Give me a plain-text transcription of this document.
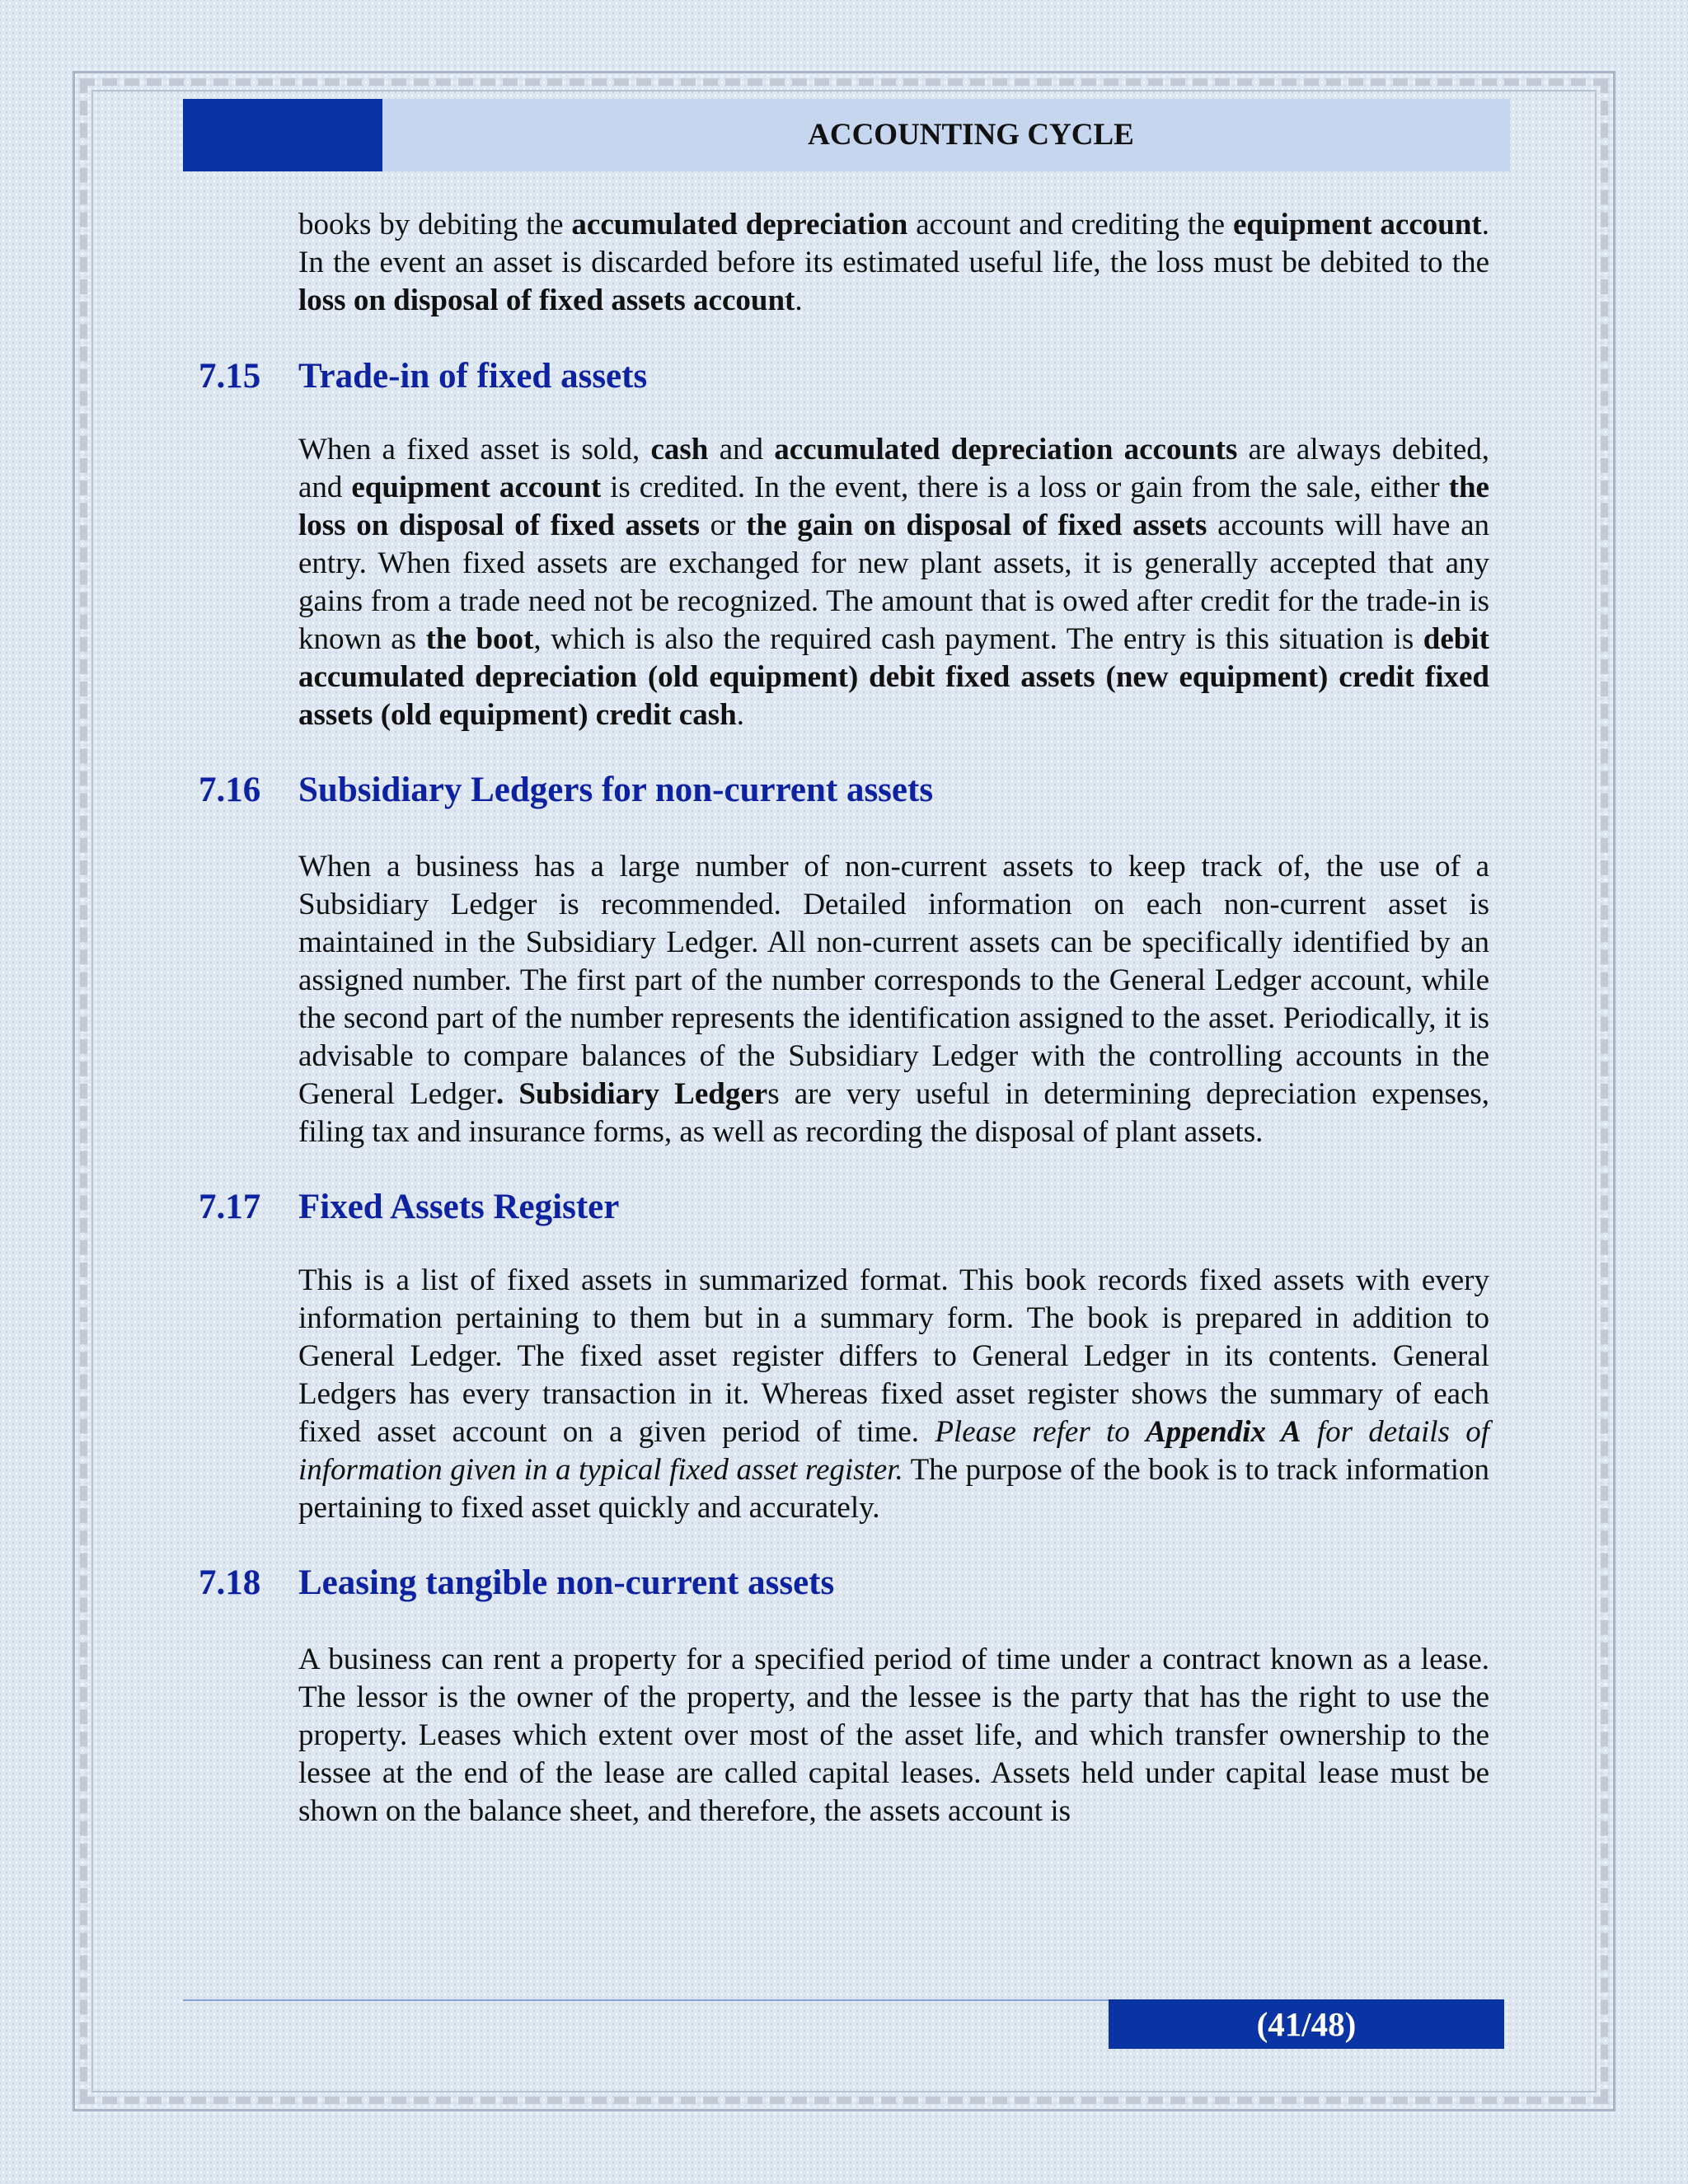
ACCOUNTING CYCLE

books by debiting the accumulated depreciation account and crediting the equipment account. In the event an asset is discarded before its estimated useful life, the loss must be debited to the loss on disposal of fixed assets account.

7.15	Trade-in of fixed assets

When a fixed asset is sold, cash and accumulated depreciation accounts are always debited, and equipment account is credited. In the event, there is a loss or gain from the sale, either the loss on disposal of fixed assets or the gain on disposal of fixed assets accounts will have an entry. When fixed assets are exchanged for new plant assets, it is generally accepted that any gains from a trade need not be recognized. The amount that is owed after credit for the trade-in is known as the boot, which is also the required cash payment. The entry is this situation is debit accumulated depreciation (old equipment) debit fixed assets (new equipment) credit fixed assets (old equipment) credit cash.

7.16	Subsidiary Ledgers for non-current assets

When a business has a large number of non-current assets to keep track of, the use of a Subsidiary Ledger is recommended. Detailed information on each non-current asset is maintained in the Subsidiary Ledger. All non-current assets can be specifically identified by an assigned number. The first part of the number corresponds to the General Ledger account, while the second part of the number represents the identification assigned to the asset. Periodically, it is advisable to compare balances of the Subsidiary Ledger with the controlling accounts in the General Ledger. Subsidiary Ledgers are very useful in determining depreciation expenses, filing tax and insurance forms, as well as recording the disposal of plant assets.

7.17	Fixed Assets Register

This is a list of fixed assets in summarized format. This book records fixed assets with every information pertaining to them but in a summary form. The book is prepared in addition to General Ledger. The fixed asset register differs to General Ledger in its contents. General Ledgers has every transaction in it. Whereas fixed asset register shows the summary of each fixed asset account on a given period of time. Please refer to Appendix A for details of information given in a typical fixed asset register. The purpose of the book is to track information pertaining to fixed asset quickly and accurately.

7.18	Leasing tangible non-current assets

A business can rent a property for a specified period of time under a contract known as a lease. The lessor is the owner of the property, and the lessee is the party that has the right to use the property. Leases which extent over most of the asset life, and which transfer ownership to the lessee at the end of the lease are called capital leases. Assets held under capital lease must be shown on the balance sheet, and therefore, the assets account is

(41/48)
